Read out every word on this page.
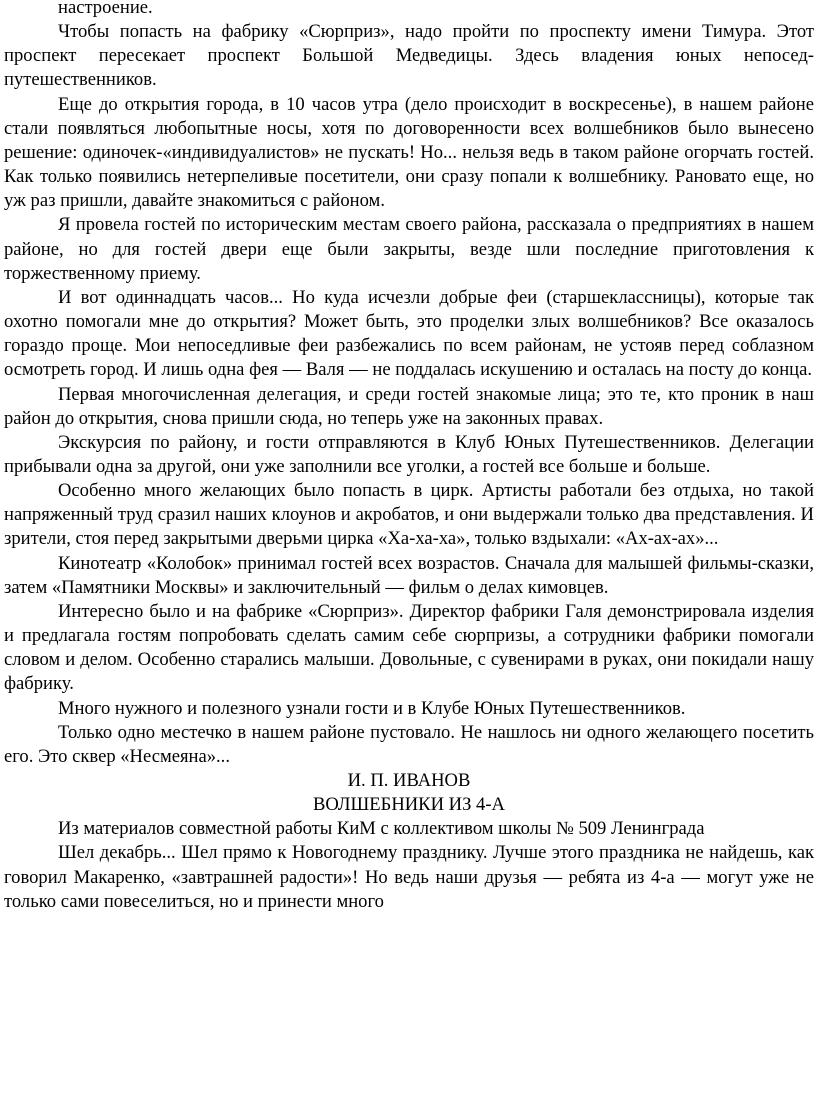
настроение.

Чтобы попасть на фабрику «Сюрприз», надо пройти по проспекту имени Тимура. Этот проспект пересекает проспект Большой Медведицы. Здесь владения юных непосед-путешественников.

Еще до открытия города, в 10 часов утра (дело происходит в воскресенье), в нашем районе стали появляться любопытные носы, хотя по договоренности всех волшебников было вынесено решение: одиночек-«индивидуалистов» не пускать! Но... нельзя ведь в таком районе огорчать гостей. Как только появились нетерпеливые посетители, они сразу попали к волшебнику. Рановато еще, но уж раз пришли, давайте знакомиться с районом.

Я провела гостей по историческим местам своего района, рассказала о предприятиях в нашем районе, но для гостей двери еще были закрыты, везде шли последние приготовления к торжественному приему.

И вот одиннадцать часов... Но куда исчезли добрые феи (старшеклассницы), которые так охотно помогали мне до открытия? Может быть, это проделки злых волшебников? Все оказалось гораздо проще. Мои непоседливые феи разбежались по всем районам, не устояв перед соблазном осмотреть город. И лишь одна фея — Валя — не поддалась искушению и осталась на посту до конца.

Первая многочисленная делегация, и среди гостей знакомые лица; это те, кто проник в наш район до открытия, снова пришли сюда, но теперь уже на законных правах.

Экскурсия по району, и гости отправляются в Клуб Юных Путешественников. Делегации прибывали одна за другой, они уже заполнили все уголки, а гостей все больше и больше.

Особенно много желающих было попасть в цирк. Артисты работали без отдыха, но такой напряженный труд сразил наших клоунов и акробатов, и они выдержали только два представления. И зрители, стоя перед закрытыми дверьми цирка «Ха-ха-ха», только вздыхали: «Ах-ах-ах»...

Кинотеатр «Колобок» принимал гостей всех возрастов. Сначала для малышей фильмы-сказки, затем «Памятники Москвы» и заключительный — фильм о делах кимовцев.

Интересно было и на фабрике «Сюрприз». Директор фабрики Галя демонстрировала изделия и предлагала гостям попробовать сделать самим себе сюрпризы, а сотрудники фабрики помогали словом и делом. Особенно старались малыши. Довольные, с сувенирами в руках, они покидали нашу фабрику.

Много нужного и полезного узнали гости и в Клубе Юных Путешественников.

Только одно местечко в нашем районе пустовало. Не нашлось ни одного желающего посетить его. Это сквер «Несмеяна»...

И. П. ИВАНОВ

ВОЛШЕБНИКИ ИЗ 4-А

Из материалов совместной работы КиМ с коллективом школы № 509 Ленинграда

Шел декабрь... Шел прямо к Новогоднему празднику. Лучше этого праздника не найдешь, как говорил Макаренко, «завтрашней радости»! Но ведь наши друзья — ребята из 4-а — могут уже не только сами повеселиться, но и принести много
